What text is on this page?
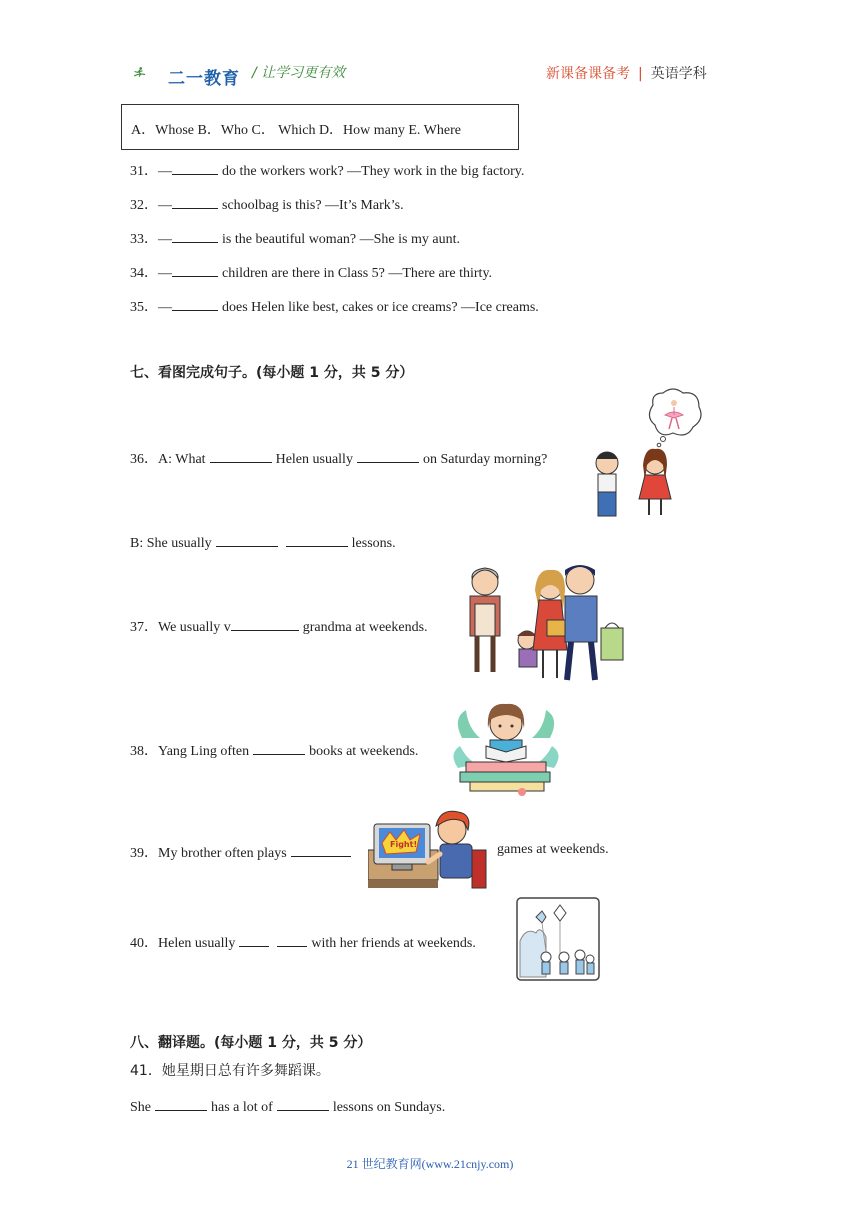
二一教育 / 让学习更有效	新课备课备考 | 英语学科
A．Whose B．Who C． Which D．How many E. Where
31．—	do the workers work? —They work in the big factory.
32．—	schoolbag is this? —It’s Mark’s.
33．—	is the beautiful woman? —She is my aunt.
34．—	children are there in Class 5? —There are thirty.
35．—	does Helen like best, cakes or ice creams? —Ice creams.
七、看图完成句子。(每小题 1 分，共 5 分）
36．A: What	Helen usually	on Saturday morning?
B: She usually	lessons.
37．We usually v	grandma at weekends.
38．Yang Ling often	books at weekends.
39．My brother often plays	games at weekends.
Fight!
40．Helen usually	with her friends at weekends.
八、翻译题。(每小题 1 分，共 5 分）
41．她星期日总有许多舞蹈课。
She	has a lot of	lessons on Sundays.
21 世纪教育网(www.21cnjy.com)
